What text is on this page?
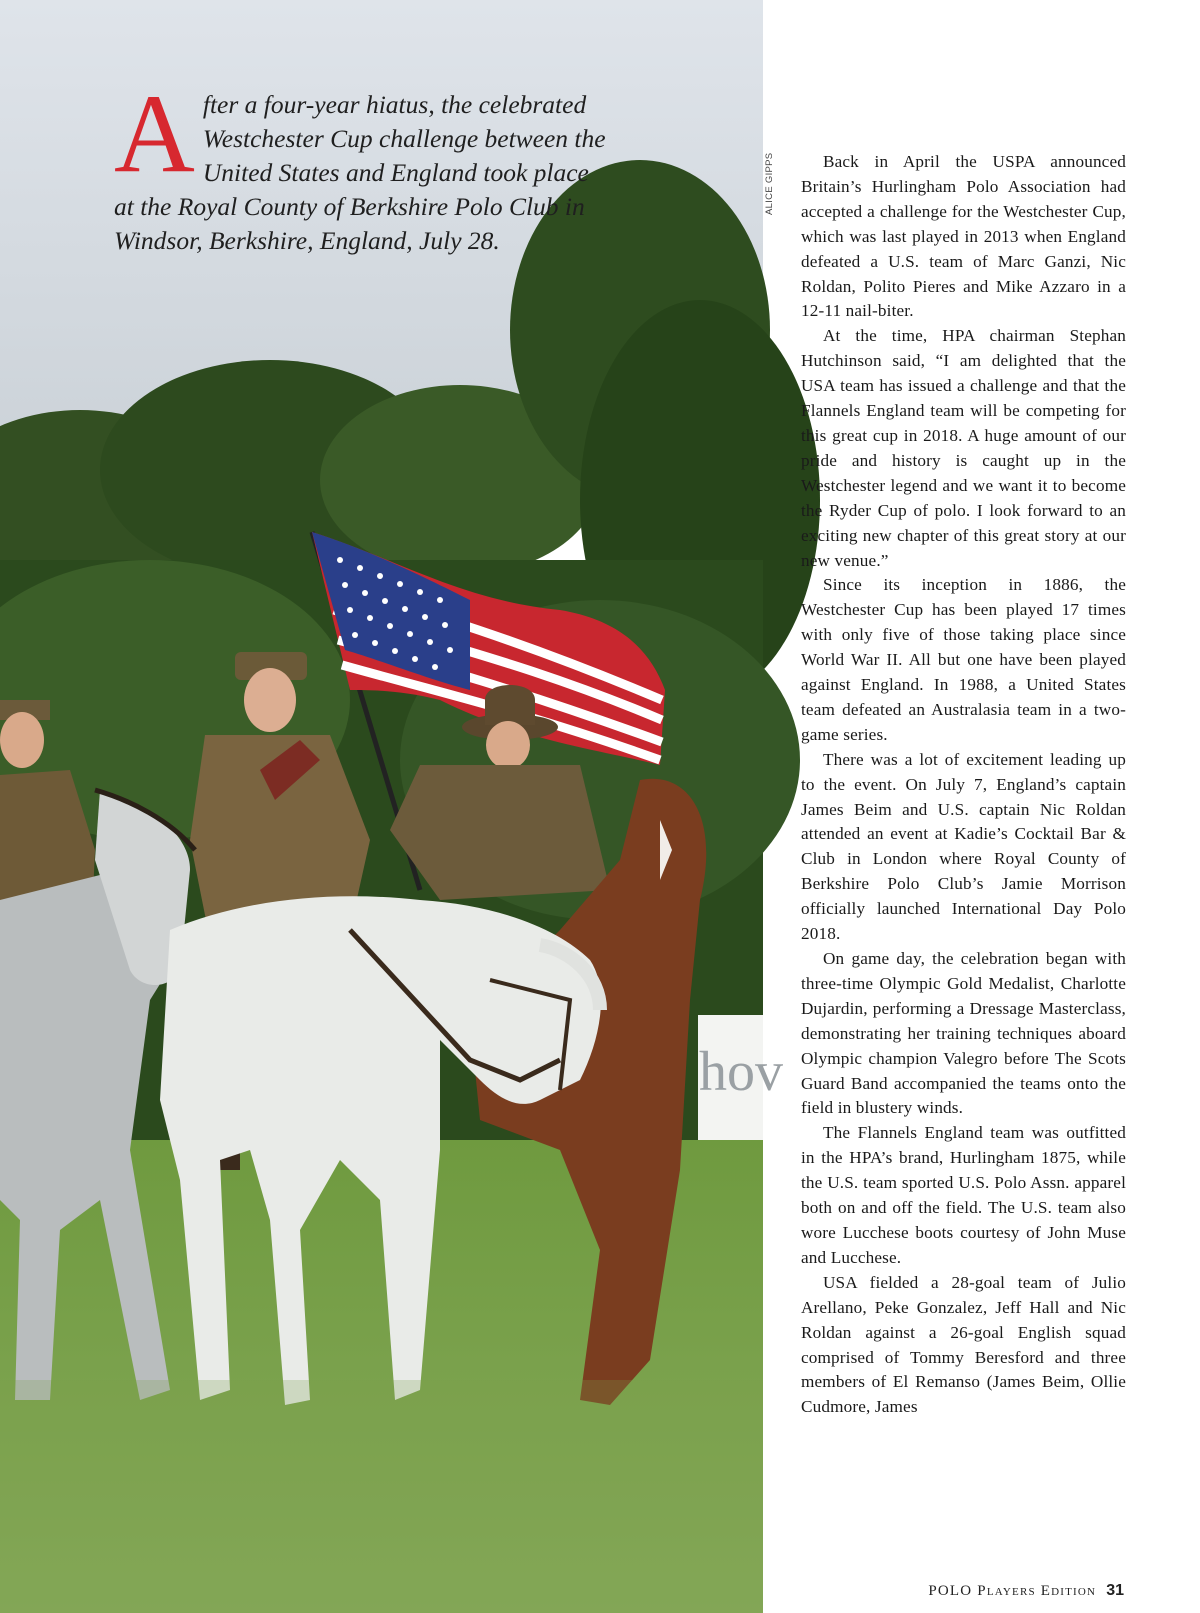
hov
After a four-year hiatus, the celebrated Westchester Cup challenge between the United States and England took place at the Royal County of Berkshire Polo Club in Windsor, Berkshire, England, July 28.
ALICE GIPPS	Back in April the USPA announced Britain’s Hurlingham Polo Association had accepted a challenge for the Westchester Cup, which was last played in 2013 when England defeated a U.S. team of Marc Ganzi, Nic Roldan, Polito Pieres and Mike Azzaro in a 12-11 nail-biter.

At the time, HPA chairman Stephan Hutchinson said, “I am delighted that the USA team has issued a challenge and that the Flannels England team will be competing for this great cup in 2018. A huge amount of our pride and history is caught up in the Westchester legend and we want it to become the Ryder Cup of polo. I look forward to an exciting new chapter of this great story at our new venue.”

Since its inception in 1886, the Westchester Cup has been played 17 times with only five of those taking place since World War II. All but one have been played against England. In 1988, a United States team defeated an Australasia team in a two-game series.

There was a lot of excitement leading up to the event. On July 7, England’s captain James Beim and U.S. captain Nic Roldan attended an event at Kadie’s Cocktail Bar & Club in London where Royal County of Berkshire Polo Club’s Jamie Morrison officially launched International Day Polo 2018.

On game day, the celebration began with three-time Olympic Gold Medalist, Charlotte Dujardin, performing a Dressage Masterclass, demonstrating her training techniques aboard Olympic champion Valegro before The Scots Guard Band accompanied the teams onto the field in blustery winds.

The Flannels England team was outfitted in the HPA’s brand, Hurlingham 1875, while the U.S. team sported U.S. Polo Assn. apparel both on and off the field. The U.S. team also wore Lucchese boots courtesy of John Muse and Lucchese.

USA fielded a 28-goal team of Julio Arellano, Peke Gonzalez, Jeff Hall and Nic Roldan against a 26-goal English squad comprised of Tommy Beresford and three members of El Remanso (James Beim, Ollie Cudmore, James

POLO Players Edition 31
